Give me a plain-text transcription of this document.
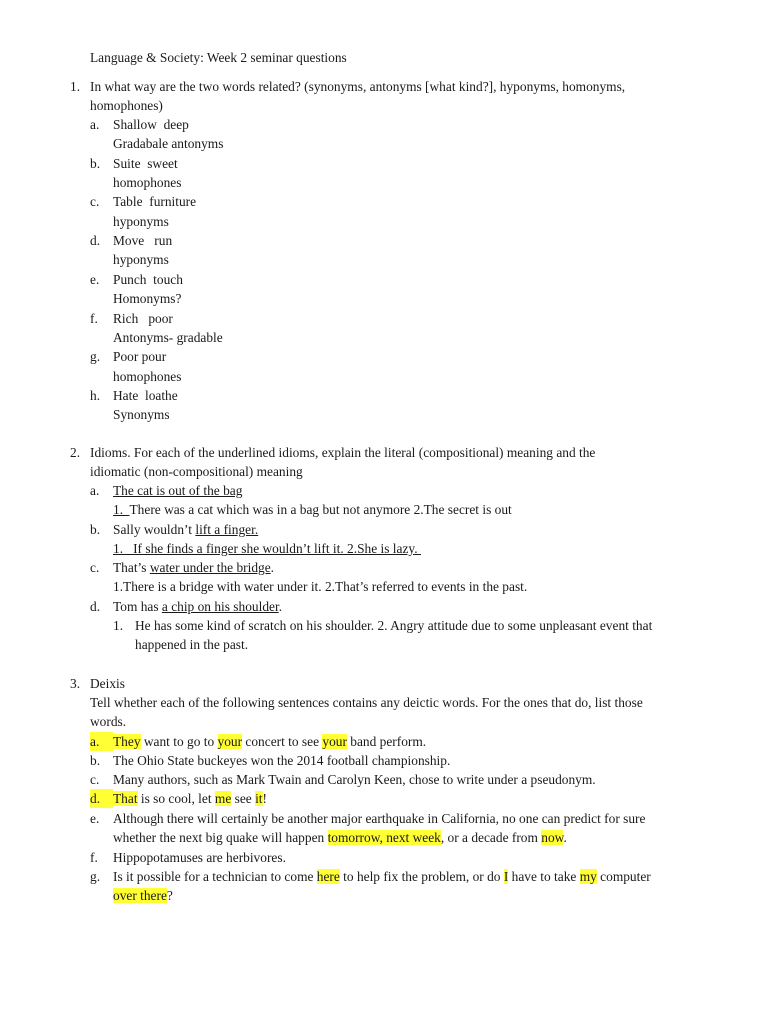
Language & Society: Week 2 seminar questions
1. In what way are the two words related? (synonyms, antonyms [what kind?], hyponyms, homonyms,
homophones)
a. Shallow  deep
Gradabale antonyms
b. Suite  sweet
homophones
c. Table  furniture
hyponyms
d. Move   run
hyponyms
e. Punch  touch
Homonyms?
f. Rich   poor
Antonyms- gradable
g. Poor pour
homophones
h. Hate  loathe
Synonyms
2. Idioms. For each of the underlined idioms, explain the literal (compositional) meaning and the
idiomatic (non-compositional) meaning
a. The cat is out of the bag
1.  There was a cat which was in a bag but not anymore 2.The secret is out
b. Sally wouldn’t lift a finger.
1.   If she finds a finger she wouldn’t lift it. 2.She is lazy.
c. That’s water under the bridge.
1.There is a bridge with water under it. 2.That’s referred to events in the past.
d. Tom has a chip on his shoulder.
1. He has some kind of scratch on his shoulder. 2. Angry attitude due to some unpleasant event that
happened in the past.
3. Deixis
Tell whether each of the following sentences contains any deictic words. For the ones that do, list those
words.
a. They want to go to your concert to see your band perform.
b. The Ohio State buckeyes won the 2014 football championship.
c. Many authors, such as Mark Twain and Carolyn Keen, chose to write under a pseudonym.
d. That is so cool, let me see it!
e. Although there will certainly be another major earthquake in California, no one can predict for sure
whether the next big quake will happen tomorrow, next week, or a decade from now.
f. Hippopotamuses are herbivores.
g. Is it possible for a technician to come here to help fix the problem, or do I have to take my computer
over there?
